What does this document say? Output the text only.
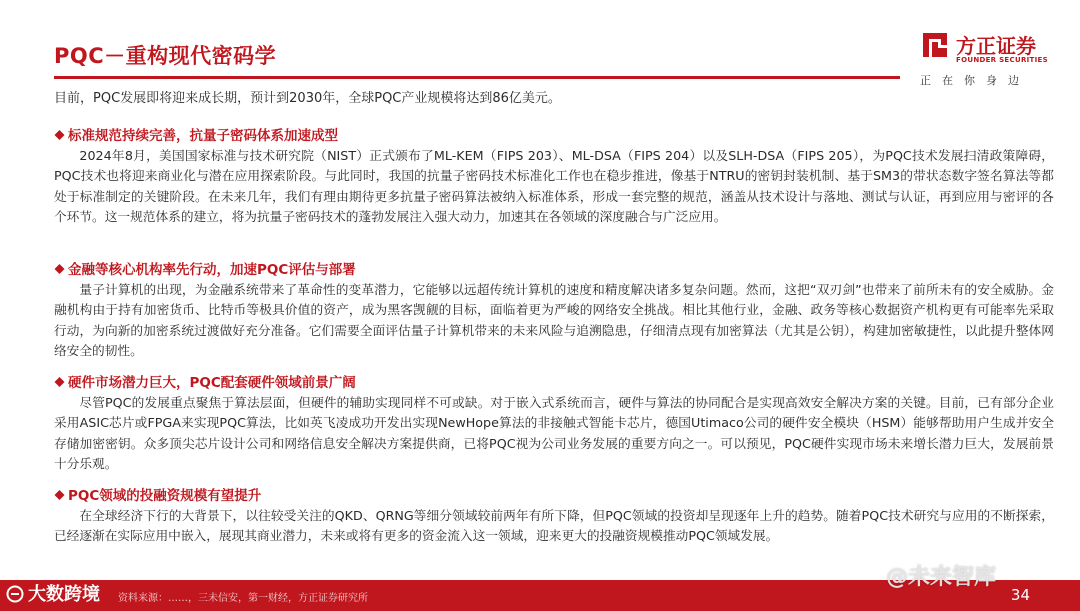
PQC－重构现代密码学	方正证券
FOUNDER SECURITIES
正在你身边
目前，PQC发展即将迎来成长期，预计到2030年，全球PQC产业规模将达到86亿美元。
标准规范持续完善，抗量子密码体系加速成型
2024年8月，美国国家标准与技术研究院（NIST）正式颁布了ML-KEM（FIPS 203）、ML-DSA（FIPS 204）以及SLH-DSA（FIPS 205），为PQC技术发展扫清政策障碍，PQC技术也将迎来商业化与潜在应用探索阶段。与此同时，我国的抗量子密码技术标准化工作也在稳步推进，像基于NTRU的密钥封装机制、基于SM3的带状态数字签名算法等都处于标准制定的关键阶段。在未来几年，我们有理由期待更多抗量子密码算法被纳入标准体系，形成一套完整的规范，涵盖从技术设计与落地、测试与认证，再到应用与密评的各个环节。这一规范体系的建立，将为抗量子密码技术的蓬勃发展注入强大动力，加速其在各领域的深度融合与广泛应用。
金融等核心机构率先行动，加速PQC评估与部署
量子计算机的出现，为金融系统带来了革命性的变革潜力，它能够以远超传统计算机的速度和精度解决诸多复杂问题。然而，这把“双刃剑”也带来了前所未有的安全威胁。金融机构由于持有加密货币、比特币等极具价值的资产，成为黑客觊觎的目标，面临着更为严峻的网络安全挑战。相比其他行业，金融、政务等核心数据资产机构更有可能率先采取行动，为向新的加密系统过渡做好充分准备。它们需要全面评估量子计算机带来的未来风险与追溯隐患，仔细清点现有加密算法（尤其是公钥），构建加密敏捷性，以此提升整体网络安全的韧性。
硬件市场潜力巨大，PQC配套硬件领域前景广阔
尽管PQC的发展重点聚焦于算法层面，但硬件的辅助实现同样不可或缺。对于嵌入式系统而言，硬件与算法的协同配合是实现高效安全解决方案的关键。目前，已有部分企业采用ASIC芯片或FPGA来实现PQC算法，比如英飞凌成功开发出实现NewHope算法的非接触式智能卡芯片，德国Utimaco公司的硬件安全模块（HSM）能够帮助用户生成并安全存储加密密钥。众多顶尖芯片设计公司和网络信息安全解决方案提供商，已将PQC视为公司业务发展的重要方向之一。可以预见，PQC硬件实现市场未来增长潜力巨大，发展前景十分乐观。
PQC领域的投融资规模有望提升
在全球经济下行的大背景下，以往较受关注的QKD、QRNG等细分领域较前两年有所下降，但PQC领域的投资却呈现逐年上升的趋势。随着PQC技术研究与应用的不断探索，已经逐渐在实际应用中嵌入，展现其商业潜力，未来或将有更多的资金流入这一领域，迎来更大的投融资规模推动PQC领域发展。
资料来源：……，三未信安，第一财经，方正证券研究所	34
大数跨境
@未来智库
